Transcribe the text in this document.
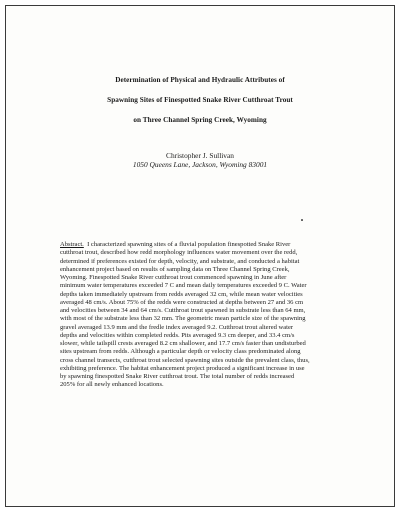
Determination of Physical and Hydraulic Attributes of
Spawning Sites of Finespotted Snake River Cutthroat Trout
on Three Channel Spring Creek, Wyoming
Christopher J. Sullivan
1050 Queens Lane, Jackson, Wyoming 83001
Abstract.  I characterized spawning sites of a fluvial population finespotted Snake River
cutthroat trout, described how redd morphology influences water movement over the redd,
determined if preferences existed for depth, velocity, and substrate, and conducted a habitat
enhancement project based on results of sampling data on Three Channel Spring Creek,
Wyoming. Finespotted Snake River cutthroat trout commenced spawning in June after
minimum water temperatures exceeded 7 C and mean daily temperatures exceeded 9 C. Water
depths taken immediately upstream from redds averaged 32 cm, while mean water velocities
averaged 48 cm/s. About 75% of the redds were constructed at depths between 27 and 36 cm
and velocities between 34 and 64 cm/s. Cutthroat trout spawned in substrate less than 64 mm,
with most of the substrate less than 32 mm. The geometric mean particle size of the spawning
gravel averaged 13.9 mm and the fredle index averaged 9.2. Cutthroat trout altered water
depths and velocities within completed redds. Pits averaged 9.3 cm deeper, and 33.4 cm/s
slower, while tailspill crests averaged 8.2 cm shallower, and 17.7 cm/s faster than undisturbed
sites upstream from redds. Although a particular depth or velocity class predominated along
cross channel transects, cutthroat trout selected spawning sites outside the prevalent class, thus,
exhibiting preference. The habitat enhancement project produced a significant increase in use
by spawning finespotted Snake River cutthroat trout. The total number of redds increased
205% for all newly enhanced locations.
